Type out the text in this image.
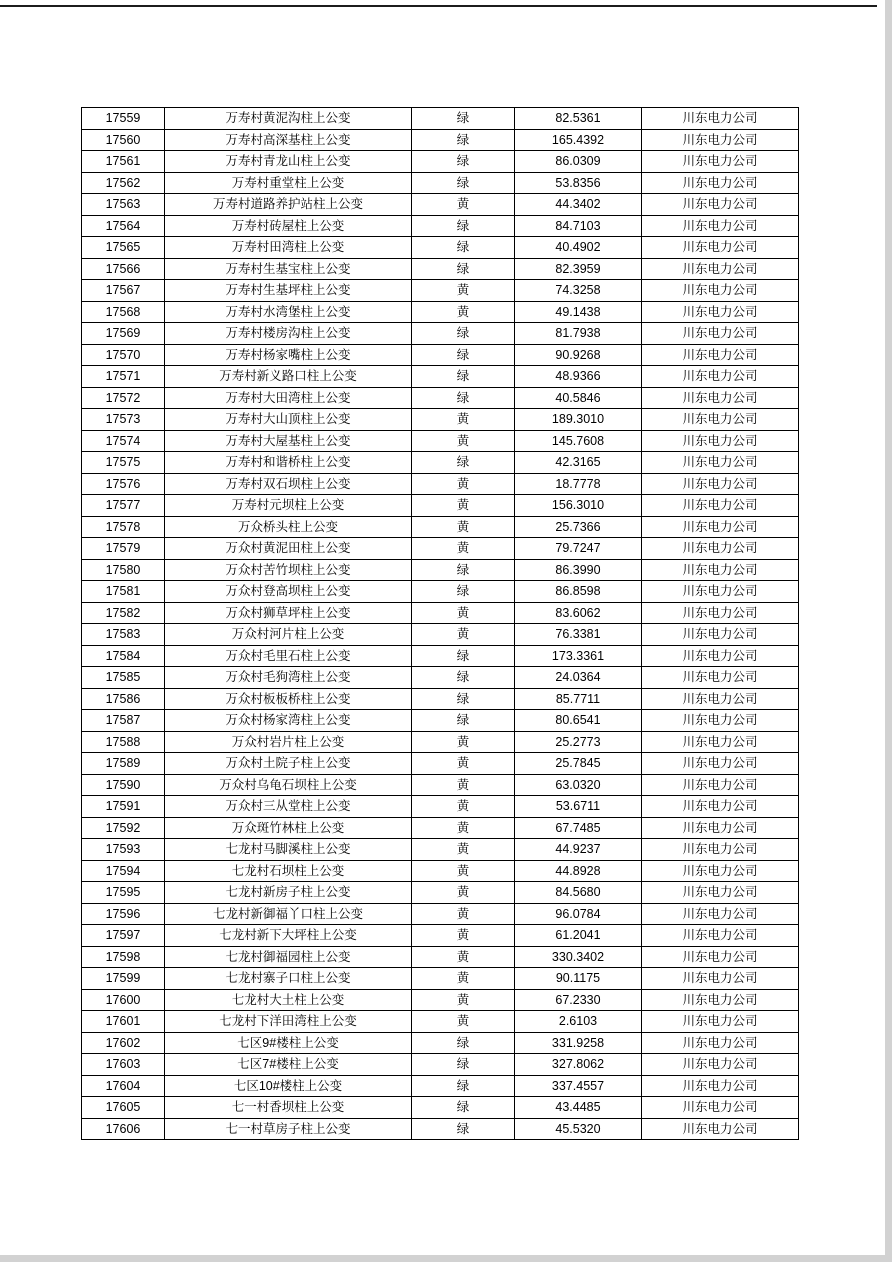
17559	万寿村黄泥沟柱上公变	绿	82.5361	川东电力公司
17560	万寿村高深基柱上公变	绿	165.4392	川东电力公司
17561	万寿村青龙山柱上公变	绿	86.0309	川东电力公司
17562	万寿村重堂柱上公变	绿	53.8356	川东电力公司
17563	万寿村道路养护站柱上公变	黄	44.3402	川东电力公司
17564	万寿村砖屋柱上公变	绿	84.7103	川东电力公司
17565	万寿村田湾柱上公变	绿	40.4902	川东电力公司
17566	万寿村生基宝柱上公变	绿	82.3959	川东电力公司
17567	万寿村生基坪柱上公变	黄	74.3258	川东电力公司
17568	万寿村水湾堡柱上公变	黄	49.1438	川东电力公司
17569	万寿村楼房沟柱上公变	绿	81.7938	川东电力公司
17570	万寿村杨家嘴柱上公变	绿	90.9268	川东电力公司
17571	万寿村新义路口柱上公变	绿	48.9366	川东电力公司
17572	万寿村大田湾柱上公变	绿	40.5846	川东电力公司
17573	万寿村大山顶柱上公变	黄	189.3010	川东电力公司
17574	万寿村大屋基柱上公变	黄	145.7608	川东电力公司
17575	万寿村和谐桥柱上公变	绿	42.3165	川东电力公司
17576	万寿村双石坝柱上公变	黄	18.7778	川东电力公司
17577	万寿村元坝柱上公变	黄	156.3010	川东电力公司
17578	万众桥头柱上公变	黄	25.7366	川东电力公司
17579	万众村黄泥田柱上公变	黄	79.7247	川东电力公司
17580	万众村苦竹坝柱上公变	绿	86.3990	川东电力公司
17581	万众村登高坝柱上公变	绿	86.8598	川东电力公司
17582	万众村狮草坪柱上公变	黄	83.6062	川东电力公司
17583	万众村河片柱上公变	黄	76.3381	川东电力公司
17584	万众村毛里石柱上公变	绿	173.3361	川东电力公司
17585	万众村毛狗湾柱上公变	绿	24.0364	川东电力公司
17586	万众村板板桥柱上公变	绿	85.7711	川东电力公司
17587	万众村杨家湾柱上公变	绿	80.6541	川东电力公司
17588	万众村岩片柱上公变	黄	25.2773	川东电力公司
17589	万众村土院子柱上公变	黄	25.7845	川东电力公司
17590	万众村乌龟石坝柱上公变	黄	63.0320	川东电力公司
17591	万众村三从堂柱上公变	黄	53.6711	川东电力公司
17592	万众斑竹林柱上公变	黄	67.7485	川东电力公司
17593	七龙村马脚溪柱上公变	黄	44.9237	川东电力公司
17594	七龙村石坝柱上公变	黄	44.8928	川东电力公司
17595	七龙村新房子柱上公变	黄	84.5680	川东电力公司
17596	七龙村新御福丫口柱上公变	黄	96.0784	川东电力公司
17597	七龙村新下大坪柱上公变	黄	61.2041	川东电力公司
17598	七龙村御福园柱上公变	黄	330.3402	川东电力公司
17599	七龙村寨子口柱上公变	黄	90.1175	川东电力公司
17600	七龙村大土柱上公变	黄	67.2330	川东电力公司
17601	七龙村下洋田湾柱上公变	黄	2.6103	川东电力公司
17602	七区9#楼柱上公变	绿	331.9258	川东电力公司
17603	七区7#楼柱上公变	绿	327.8062	川东电力公司
17604	七区10#楼柱上公变	绿	337.4557	川东电力公司
17605	七一村香坝柱上公变	绿	43.4485	川东电力公司
17606	七一村草房子柱上公变	绿	45.5320	川东电力公司
